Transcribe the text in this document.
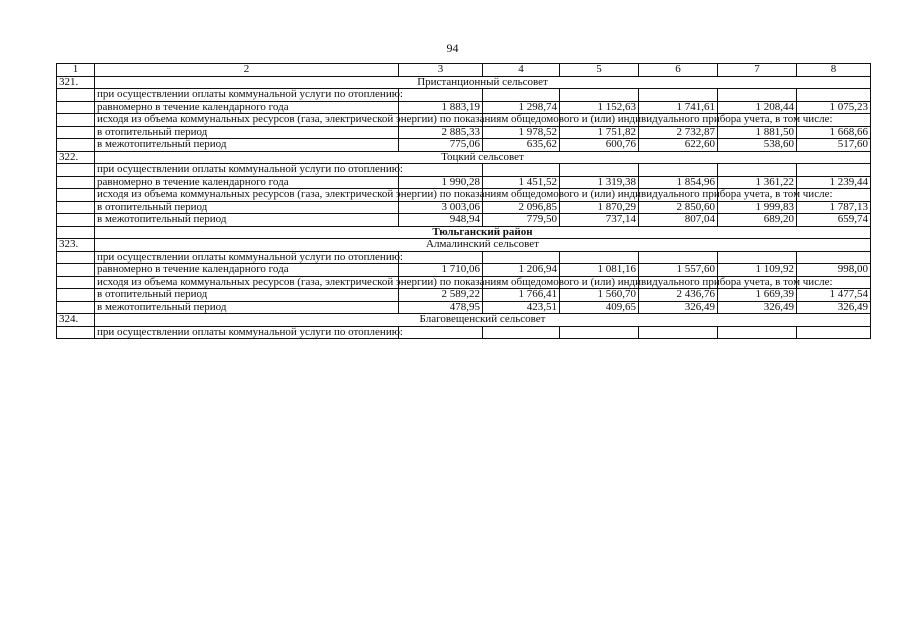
94
1	2	3	4	5	6	7	8
321.	Пристанционный сельсовет						
	при осуществлении оплаты коммунальной услуги по отоплению:						
	равномерно в течение календарного года	1 883,19	1 298,74	1 152,63	1 741,61	1 208,44	1 075,23
	исходя из объема коммунальных ресурсов (газа, электрической энергии) по показаниям общедомового и (или) индивидуального прибора учета, в том числе:						
	в отопительный период	2 885,33	1 978,52	1 751,82	2 732,87	1 881,50	1 668,66
	в межотопительный период	775,06	635,62	600,76	622,60	538,60	517,60
322.	Тоцкий сельсовет						
	при осуществлении оплаты коммунальной услуги по отоплению:						
	равномерно в течение календарного года	1 990,28	1 451,52	1 319,38	1 854,96	1 361,22	1 239,44
	исходя из объема коммунальных ресурсов (газа, электрической энергии) по показаниям общедомового и (или) индивидуального прибора учета, в том числе:						
	в отопительный период	3 003,06	2 096,85	1 870,29	2 850,60	1 999,83	1 787,13
	в межотопительный период	948,94	779,50	737,14	807,04	689,20	659,74
	Тюльганский район						
323.	Алмалинский сельсовет						
	при осуществлении оплаты коммунальной услуги по отоплению:						
	равномерно в течение календарного года	1 710,06	1 206,94	1 081,16	1 557,60	1 109,92	998,00
	исходя из объема коммунальных ресурсов (газа, электрической энергии) по показаниям общедомового и (или) индивидуального прибора учета, в том числе:						
	в отопительный период	2 589,22	1 766,41	1 560,70	2 436,76	1 669,39	1 477,54
	в межотопительный период	478,95	423,51	409,65	326,49	326,49	326,49
324.	Благовещенский сельсовет						
	при осуществлении оплаты коммунальной услуги по отоплению:						
